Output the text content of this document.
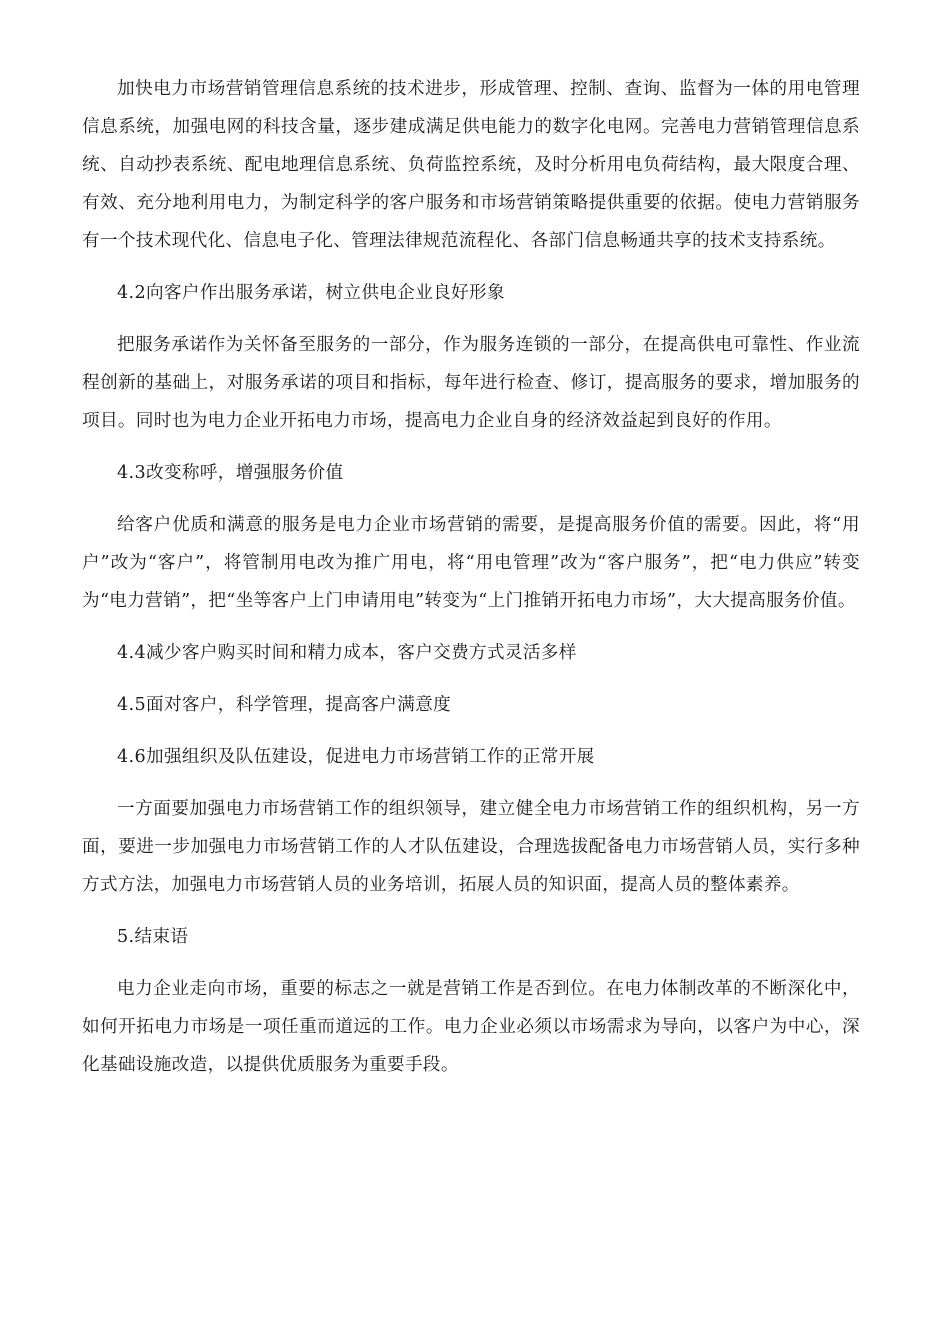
加快电力市场营销管理信息系统的技术进步，形成管理、控制、查询、监督为一体的用电管理信息系统，加强电网的科技含量，逐步建成满足供电能力的数字化电网。完善电力营销管理信息系统、自动抄表系统、配电地理信息系统、负荷监控系统，及时分析用电负荷结构，最大限度合理、有效、充分地利用电力，为制定科学的客户服务和市场营销策略提供重要的依据。使电力营销服务有一个技术现代化、信息电子化、管理法律规范流程化、各部门信息畅通共享的技术支持系统。

4.2向客户作出服务承诺，树立供电企业良好形象

把服务承诺作为关怀备至服务的一部分，作为服务连锁的一部分，在提高供电可靠性、作业流程创新的基础上，对服务承诺的项目和指标，每年进行检查、修订，提高服务的要求，增加服务的项目。同时也为电力企业开拓电力市场，提高电力企业自身的经济效益起到良好的作用。

4.3改变称呼，增强服务价值

给客户优质和满意的服务是电力企业市场营销的需要，是提高服务价值的需要。因此，将“用户”改为“客户”，将管制用电改为推广用电，将“用电管理”改为“客户服务”，把“电力供应”转变为“电力营销”，把“坐等客户上门申请用电”转变为“上门推销开拓电力市场”，大大提高服务价值。

4.4减少客户购买时间和精力成本，客户交费方式灵活多样

4.5面对客户，科学管理，提高客户满意度

4.6加强组织及队伍建设，促进电力市场营销工作的正常开展

一方面要加强电力市场营销工作的组织领导，建立健全电力市场营销工作的组织机构，另一方面，要进一步加强电力市场营销工作的人才队伍建设，合理选拔配备电力市场营销人员，实行多种方式方法，加强电力市场营销人员的业务培训，拓展人员的知识面，提高人员的整体素养。

5.结束语

电力企业走向市场，重要的标志之一就是营销工作是否到位。在电力体制改革的不断深化中，如何开拓电力市场是一项任重而道远的工作。电力企业必须以市场需求为导向，以客户为中心，深化基础设施改造，以提供优质服务为重要手段。
